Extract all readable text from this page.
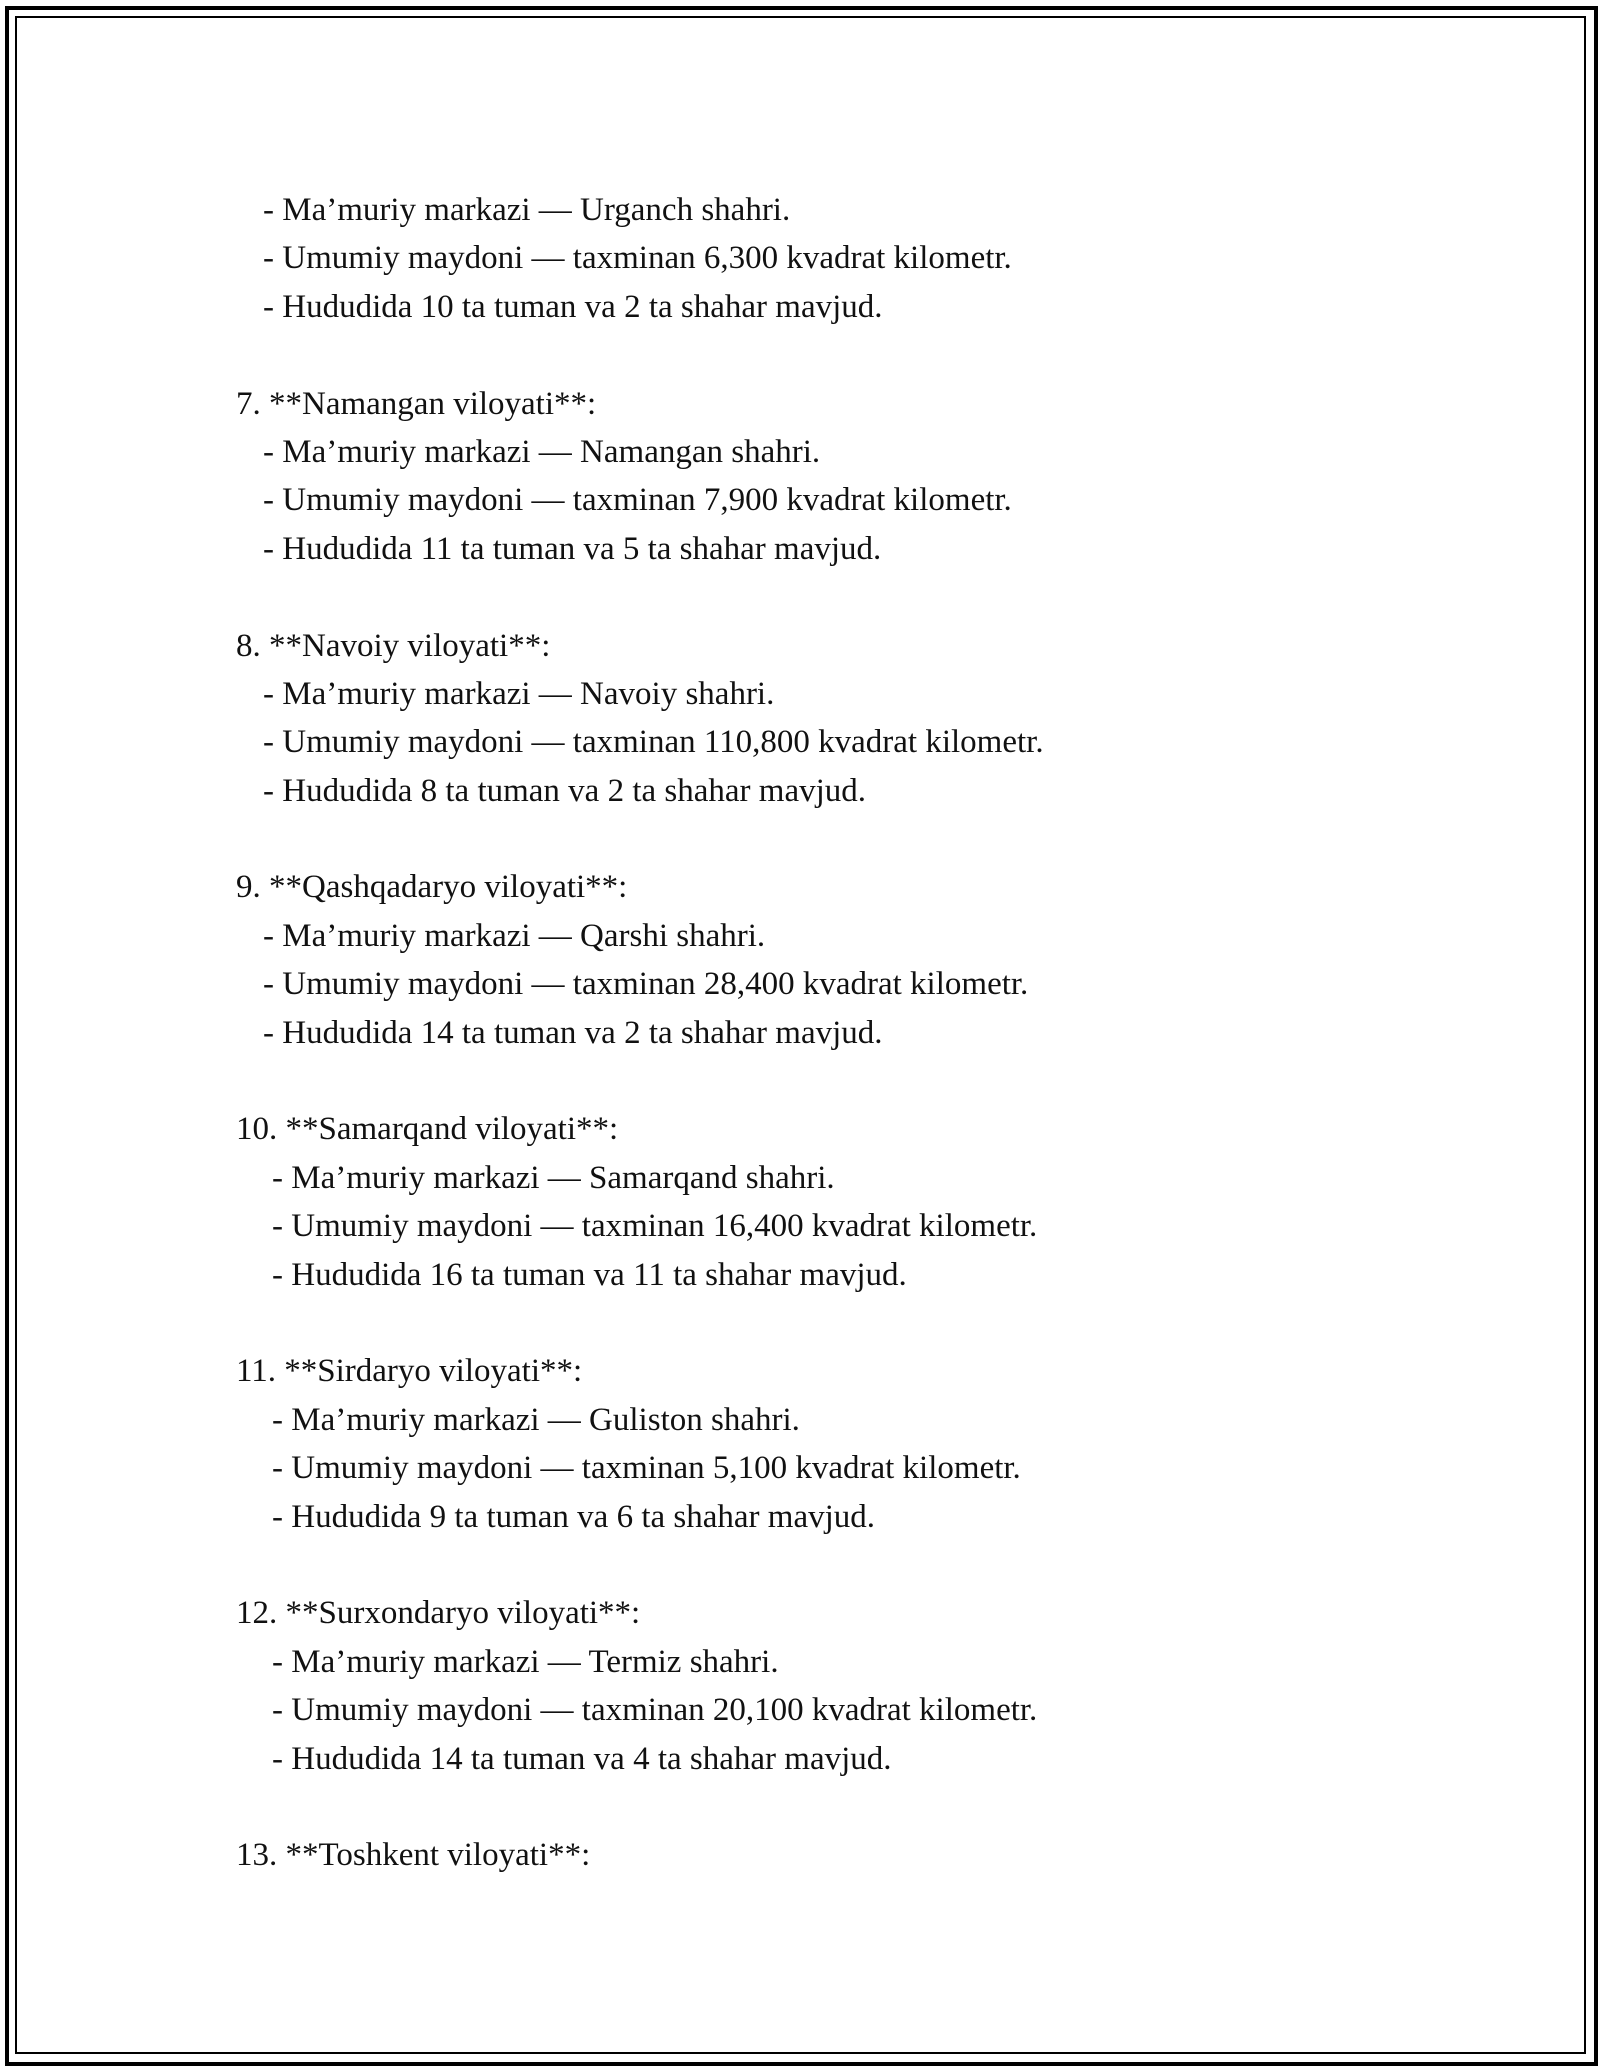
- Ma’muriy markazi — Urganch shahri.
- Umumiy maydoni — taxminan 6,300 kvadrat kilometr.
- Hududida 10 ta tuman va 2 ta shahar mavjud.
7. **Namangan viloyati**:
- Ma’muriy markazi — Namangan shahri.
- Umumiy maydoni — taxminan 7,900 kvadrat kilometr.
- Hududida 11 ta tuman va 5 ta shahar mavjud.
8. **Navoiy viloyati**:
- Ma’muriy markazi — Navoiy shahri.
- Umumiy maydoni — taxminan 110,800 kvadrat kilometr.
- Hududida 8 ta tuman va 2 ta shahar mavjud.
9. **Qashqadaryo viloyati**:
- Ma’muriy markazi — Qarshi shahri.
- Umumiy maydoni — taxminan 28,400 kvadrat kilometr.
- Hududida 14 ta tuman va 2 ta shahar mavjud.
10. **Samarqand viloyati**:
- Ma’muriy markazi — Samarqand shahri.
- Umumiy maydoni — taxminan 16,400 kvadrat kilometr.
- Hududida 16 ta tuman va 11 ta shahar mavjud.
11. **Sirdaryo viloyati**:
- Ma’muriy markazi — Guliston shahri.
- Umumiy maydoni — taxminan 5,100 kvadrat kilometr.
- Hududida 9 ta tuman va 6 ta shahar mavjud.
12. **Surxondaryo viloyati**:
- Ma’muriy markazi — Termiz shahri.
- Umumiy maydoni — taxminan 20,100 kvadrat kilometr.
- Hududida 14 ta tuman va 4 ta shahar mavjud.
13. **Toshkent viloyati**:
